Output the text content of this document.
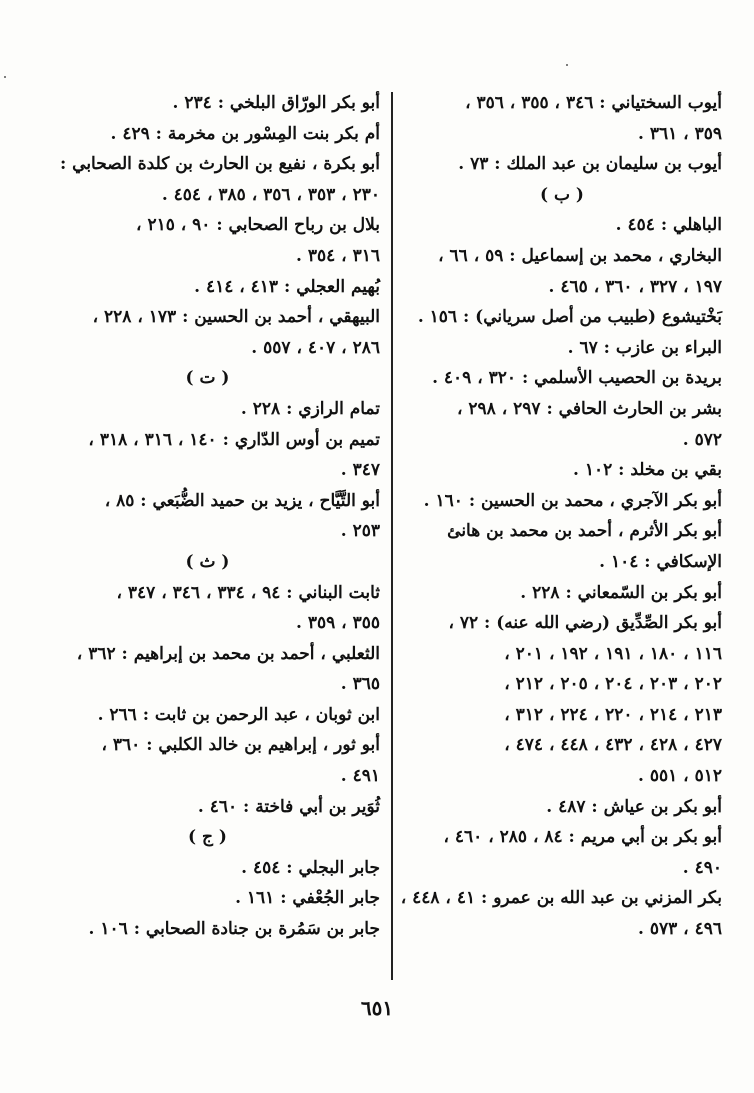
أيوب السختياني : ٣٤٦ ، ٣٥٥ ، ٣٥٦ ،
٣٥٩ ، ٣٦١ .
أيوب بن سليمان بن عبد الملك : ٧٣ .
( ب )
الباهلي : ٤٥٤ .
البخاري ، محمد بن إسماعيل : ٥٩ ، ٦٦ ،
١٩٧ ، ٣٢٧ ، ٣٦٠ ، ٤٦٥ .
بَخْتيشوع (طبيب من أصل سرياني) : ١٥٦ .
البراء بن عازب : ٦٧ .
بريدة بن الحصيب الأسلمي : ٣٢٠ ، ٤٠٩ .
بشر بن الحارث الحافي : ٢٩٧ ، ٢٩٨ ،
٥٧٢ .
بقي بن مخلد : ١٠٢ .
أبو بكر الآجري ، محمد بن الحسين : ١٦٠ .
أبو بكر الأثرم ، أحمد بن محمد بن هانئ
الإسكافي : ١٠٤ .
أبو بكر بن السّمعاني : ٢٢٨ .
أبو بكر الصِّدِّيق (رضي الله عنه) : ٧٢ ،
١١٦ ، ١٨٠ ، ١٩١ ، ١٩٢ ، ٢٠١ ،
٢٠٢ ، ٢٠٣ ، ٢٠٤ ، ٢٠٥ ، ٢١٢ ،
٢١٣ ، ٢١٤ ، ٢٢٠ ، ٢٢٤ ، ٣١٢ ،
٤٢٧ ، ٤٢٨ ، ٤٣٢ ، ٤٤٨ ، ٤٧٤ ،
٥١٢ ، ٥٥١ .
أبو بكر بن عياش : ٤٨٧ .
أبو بكر بن أبي مريم : ٨٤ ، ٢٨٥ ، ٤٦٠ ،
٤٩٠ .
بكر المزني بن عبد الله بن عمرو : ٤١ ، ٤٤٨ ،
٤٩٦ ، ٥٧٣ .
أبو بكر الورّاق البلخي : ٢٣٤ .
أم بكر بنت المِسْور بن مخرمة : ٤٢٩ .
أبو بكرة ، نفيع بن الحارث بن كلدة الصحابي :
٢٣٠ ، ٣٥٣ ، ٣٥٦ ، ٣٨٥ ، ٤٥٤ .
بلال بن رباح الصحابي : ٩٠ ، ٢١٥ ،
٣١٦ ، ٣٥٤ .
بُهيم العجلي : ٤١٣ ، ٤١٤ .
البيهقي ، أحمد بن الحسين : ١٧٣ ، ٢٢٨ ،
٢٨٦ ، ٤٠٧ ، ٥٥٧ .
( ت )
تمام الرازي : ٢٢٨ .
تميم بن أوس الدّاري : ١٤٠ ، ٣١٦ ، ٣١٨ ،
٣٤٧ .
أبو التَّيَّاح ، يزيد بن حميد الضُّبَعي : ٨٥ ،
٢٥٣ .
( ث )
ثابت البناني : ٩٤ ، ٣٣٤ ، ٣٤٦ ، ٣٤٧ ،
٣٥٥ ، ٣٥٩ .
الثعلبي ، أحمد بن محمد بن إبراهيم : ٣٦٢ ،
٣٦٥ .
ابن ثوبان ، عبد الرحمن بن ثابت : ٢٦٦ .
أبو ثور ، إبراهيم بن خالد الكلبي : ٣٦٠ ،
٤٩١ .
ثُوَير بن أبي فاختة : ٤٦٠ .
( ج )
جابر البجلي : ٤٥٤ .
جابر الجُعْفي : ١٦١ .
جابر بن سَمُرة بن جنادة الصحابي : ١٠٦ .
٦٥١
